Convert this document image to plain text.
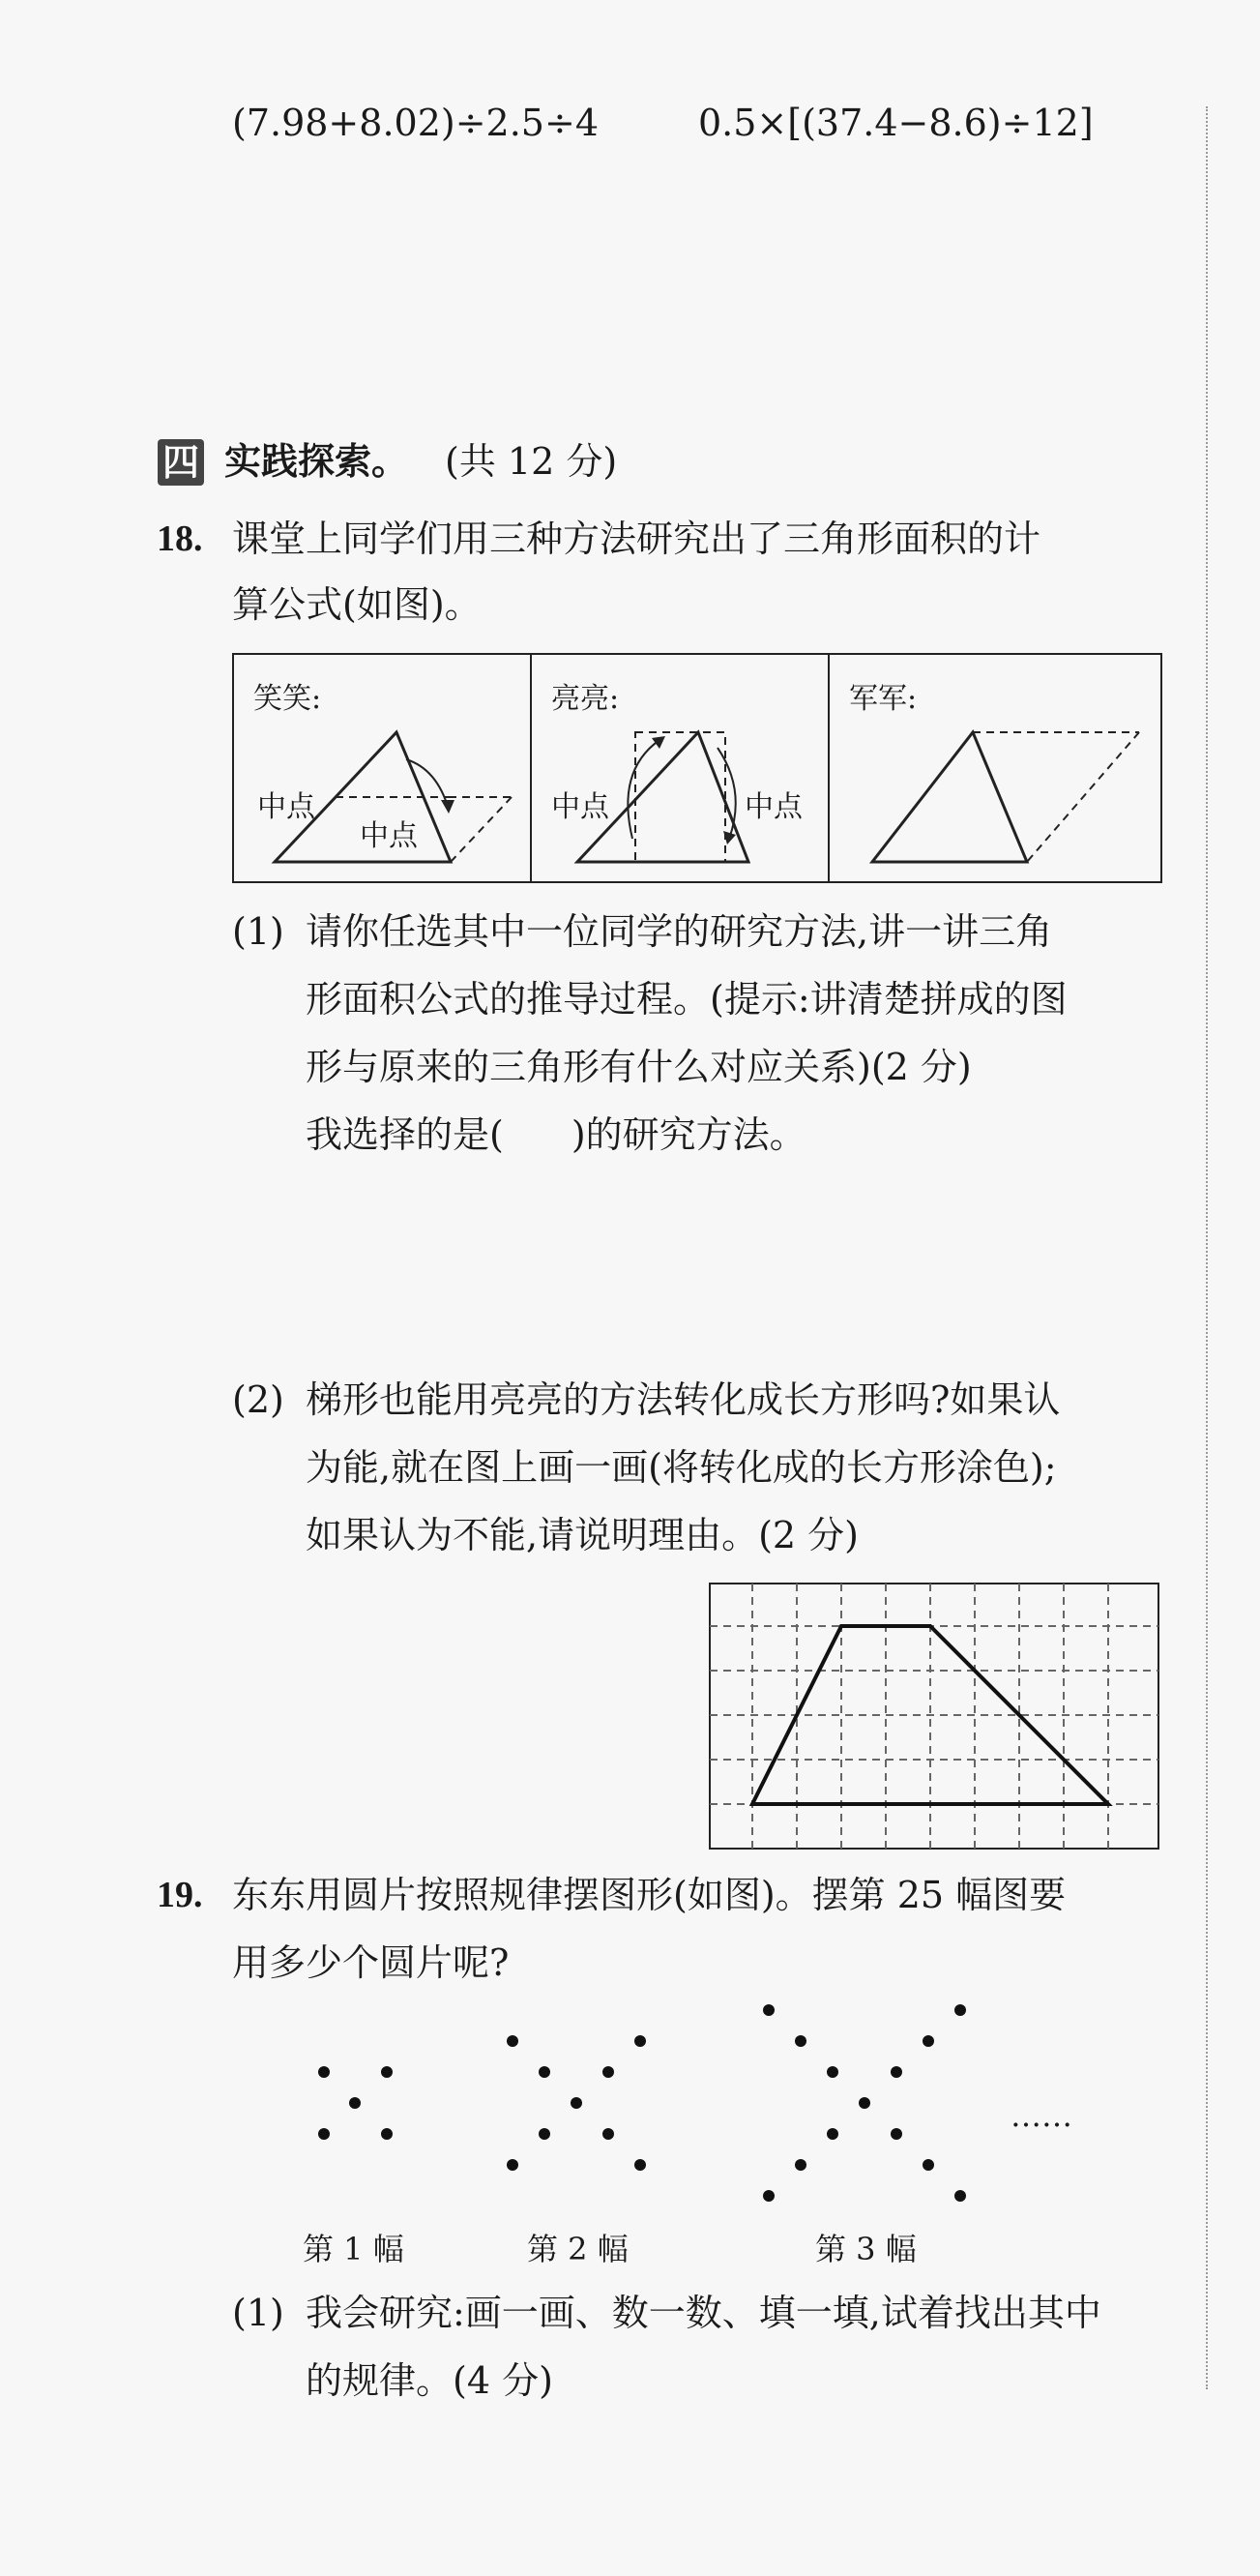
(7.98+8.02)÷2.5÷4	0.5×[(37.4−8.6)÷12]
四 实践探索。 (共 12 分)
18. 课堂上同学们用三种方法研究出了三角形面积的计
算公式(如图)。
笑笑:	亮亮:	军军:
中点
中点
中点	中点
(1) 请你任选其中一位同学的研究方法,讲一讲三角
形面积公式的推导过程。(提示:讲清楚拼成的图
形与原来的三角形有什么对应关系)(2 分)
我选择的是( )的研究方法。
(2) 梯形也能用亮亮的方法转化成长方形吗?如果认
为能,就在图上画一画(将转化成的长方形涂色);
如果认为不能,请说明理由。(2 分)
19. 东东用圆片按照规律摆图形(如图)。摆第 25 幅图要
用多少个圆片呢?
……
第 1 幅	第 2 幅	第 3 幅
(1) 我会研究:画一画、数一数、填一填,试着找出其中
的规律。(4 分)
